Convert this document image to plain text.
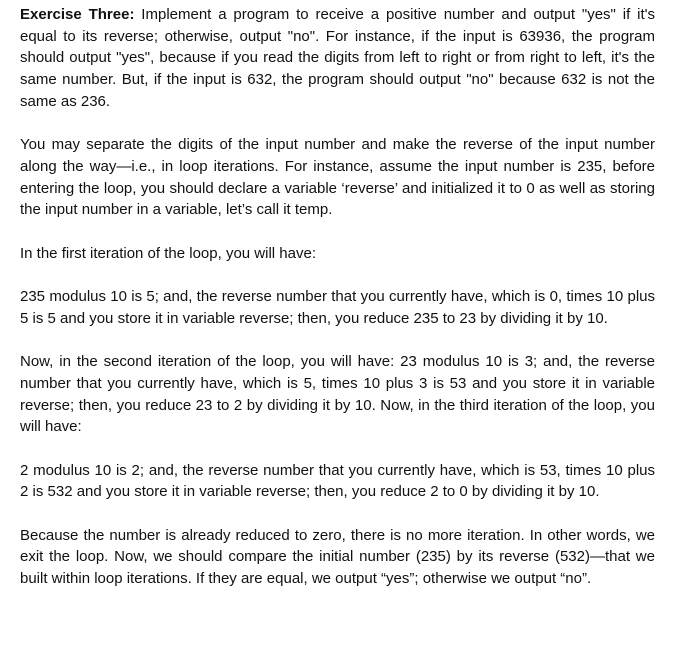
Exercise Three: Implement a program to receive a positive number and output "yes" if it's equal to its reverse; otherwise, output "no". For instance, if the input is 63936, the program should output "yes", because if you read the digits from left to right or from right to left, it's the same number. But, if the input is 632, the program should output "no" because 632 is not the same as 236.

You may separate the digits of the input number and make the reverse of the input number along the way—i.e., in loop iterations. For instance, assume the input number is 235, before entering the loop, you should declare a variable ‘reverse’ and initialized it to 0 as well as storing the input number in a variable, let’s call it temp.

In the first iteration of the loop, you will have:

235 modulus 10 is 5; and, the reverse number that you currently have, which is 0, times 10 plus 5 is 5 and you store it in variable reverse; then, you reduce 235 to 23 by dividing it by 10.

Now, in the second iteration of the loop, you will have: 23 modulus 10 is 3; and, the reverse number that you currently have, which is 5, times 10 plus 3 is 53 and you store it in variable reverse; then, you reduce 23 to 2 by dividing it by 10. Now, in the third iteration of the loop, you will have:

2 modulus 10 is 2; and, the reverse number that you currently have, which is 53, times 10 plus 2 is 532 and you store it in variable reverse; then, you reduce 2 to 0 by dividing it by 10.

Because the number is already reduced to zero, there is no more iteration. In other words, we exit the loop. Now, we should compare the initial number (235) by its reverse (532)—that we built within loop iterations. If they are equal, we output “yes”; otherwise we output “no”.
